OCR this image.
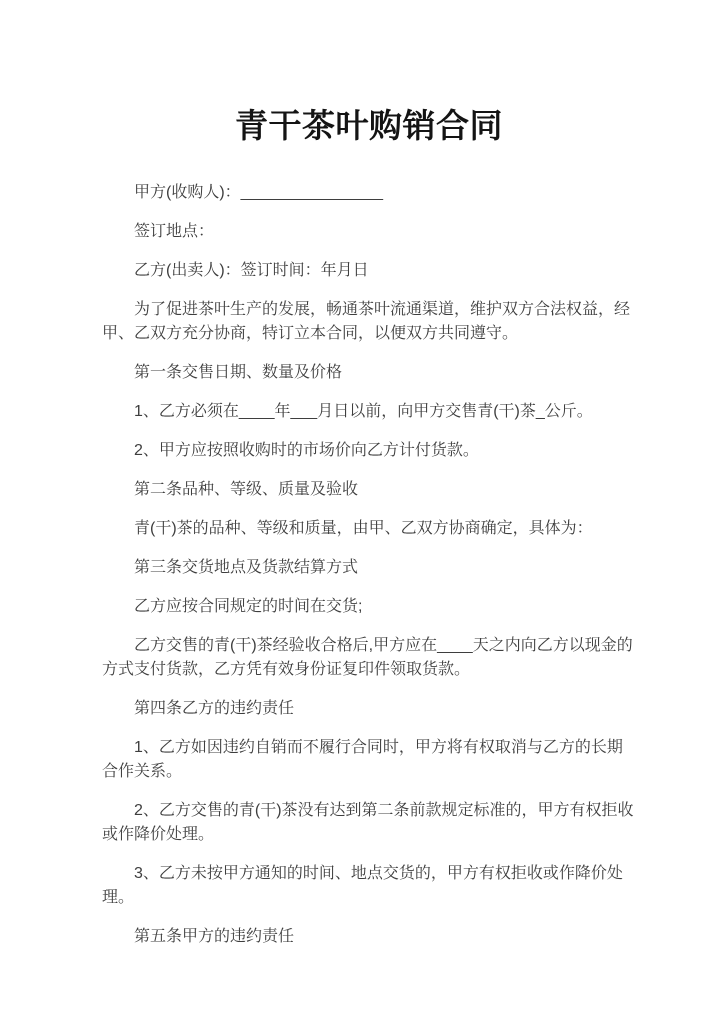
青干茶叶购销合同

甲方(收购人)：________________

签订地点：

乙方(出卖人)：签订时间：年月日

为了促进茶叶生产的发展，畅通茶叶流通渠道，维护双方合法权益，经甲、乙双方充分协商，特订立本合同，以便双方共同遵守。

第一条交售日期、数量及价格

1、乙方必须在____年___月日以前，向甲方交售青(干)茶_公斤。

2、甲方应按照收购时的市场价向乙方计付货款。

第二条品种、等级、质量及验收

青(干)茶的品种、等级和质量，由甲、乙双方协商确定，具体为：

第三条交货地点及货款结算方式

乙方应按合同规定的时间在交货;

乙方交售的青(干)茶经验收合格后,甲方应在____天之内向乙方以现金的方式支付货款，乙方凭有效身份证复印件领取货款。

第四条乙方的违约责任

1、乙方如因违约自销而不履行合同时，甲方将有权取消与乙方的长期合作关系。

2、乙方交售的青(干)茶没有达到第二条前款规定标准的，甲方有权拒收或作降价处理。

3、乙方未按甲方通知的时间、地点交货的，甲方有权拒收或作降价处理。

第五条甲方的违约责任
